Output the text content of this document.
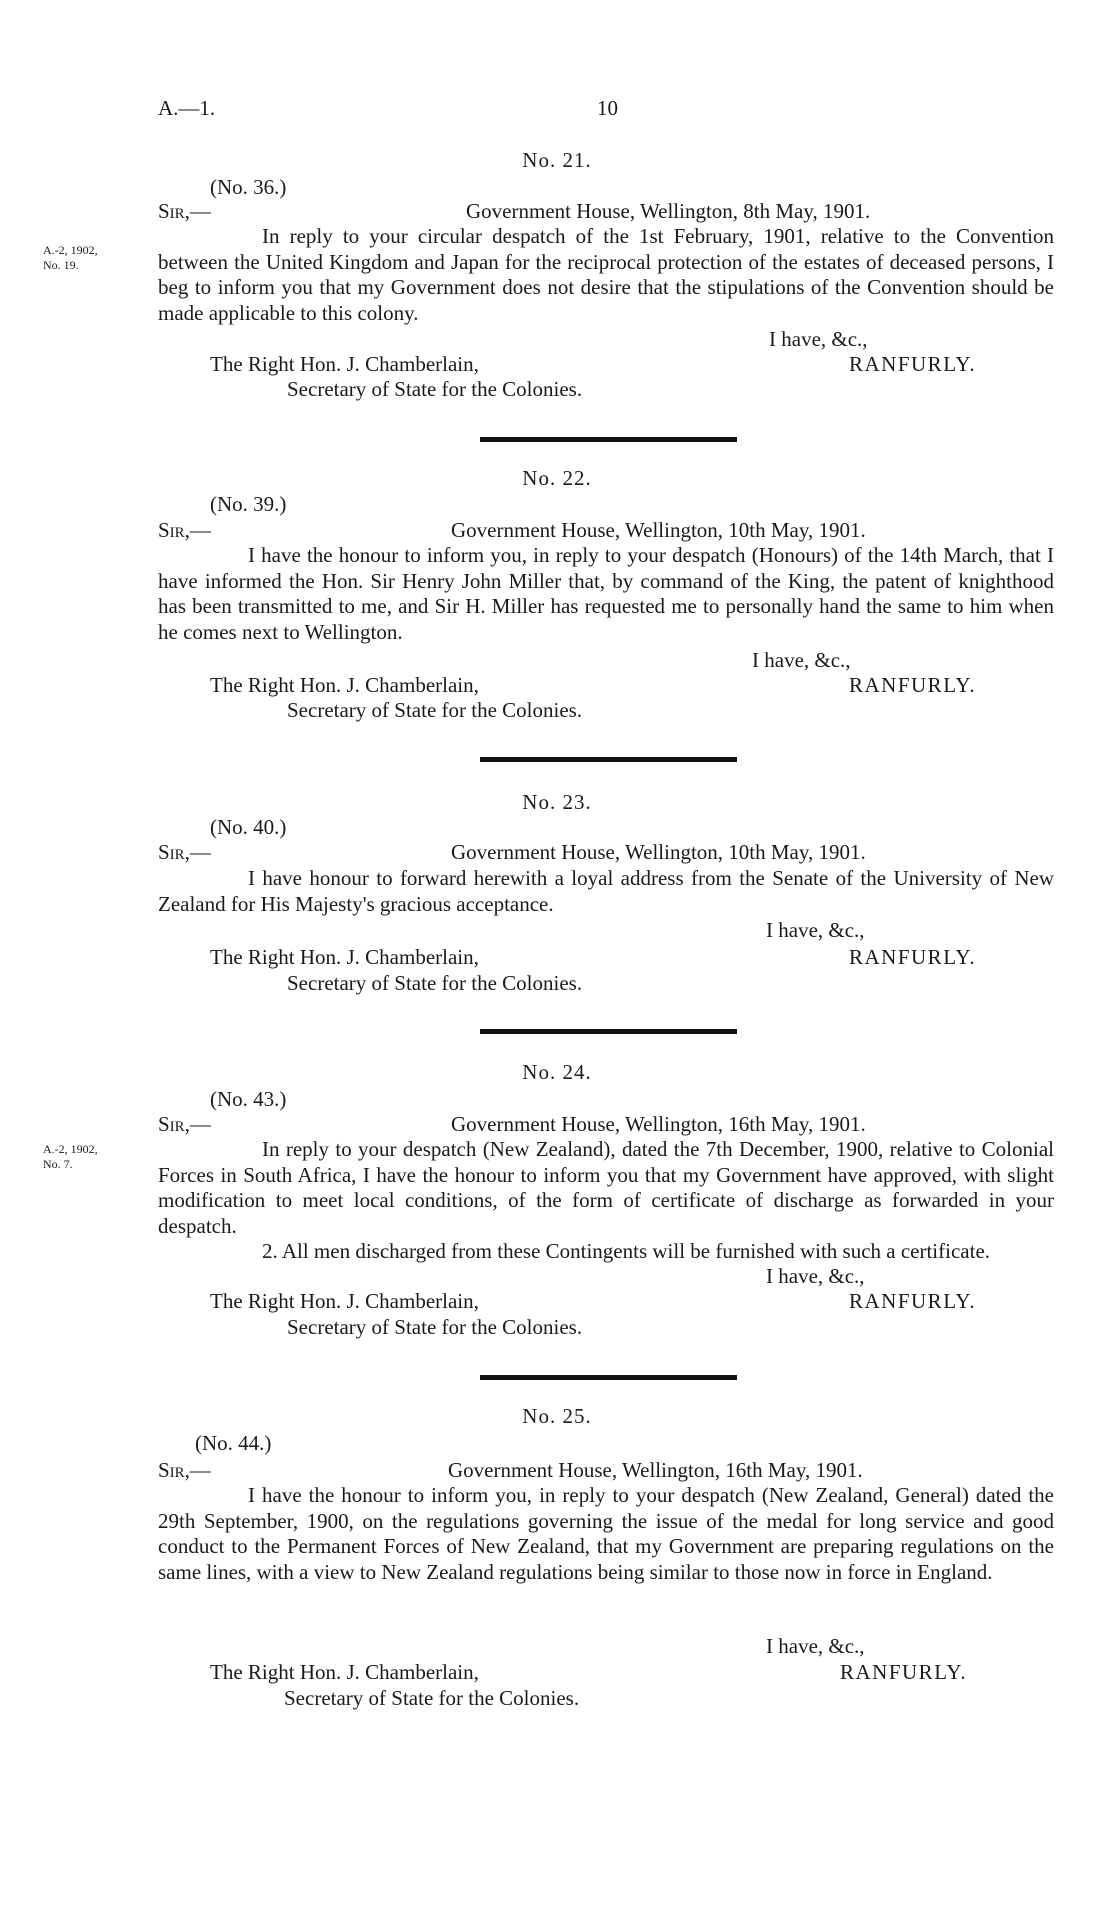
A.—1.	10
No. 21.
(No. 36.)
A.-2, 1902,
No. 19.
Sir,—	Government House, Wellington, 8th May, 1901.

In reply to your circular despatch of the 1st February, 1901, relative to the Convention between the United Kingdom and Japan for the reciprocal protection of the estates of deceased persons, I beg to inform you that my Government does not desire that the stipulations of the Convention should be made applicable to this colony.

I have, &c.,
The Right Hon. J. Chamberlain,	RANFURLY.
Secretary of State for the Colonies.
No. 22.
(No. 39.)
Sir,—	Government House, Wellington, 10th May, 1901.

I have the honour to inform you, in reply to your despatch (Honours) of the 14th March, that I have informed the Hon. Sir Henry John Miller that, by command of the King, the patent of knighthood has been transmitted to me, and Sir H. Miller has requested me to personally hand the same to him when he comes next to Wellington.

I have, &c.,
The Right Hon. J. Chamberlain,	RANFURLY.
Secretary of State for the Colonies.
No. 23.
(No. 40.)
Sir,—	Government House, Wellington, 10th May, 1901.

I have honour to forward herewith a loyal address from the Senate of the University of New Zealand for His Majesty's gracious acceptance.

I have, &c.,
The Right Hon. J. Chamberlain,	RANFURLY.
Secretary of State for the Colonies.
No. 24.
(No. 43.)
A.-2, 1902,
No. 7.
Sir,—	Government House, Wellington, 16th May, 1901.

In reply to your despatch (New Zealand), dated the 7th December, 1900, relative to Colonial Forces in South Africa, I have the honour to inform you that my Government have approved, with slight modification to meet local conditions, of the form of certificate of discharge as forwarded in your despatch.

2. All men discharged from these Contingents will be furnished with such a certificate.

I have, &c.,
The Right Hon. J. Chamberlain,	RANFURLY.
Secretary of State for the Colonies.
No. 25.
(No. 44.)
Sir,—	Government House, Wellington, 16th May, 1901.

I have the honour to inform you, in reply to your despatch (New Zealand, General) dated the 29th September, 1900, on the regulations governing the issue of the medal for long service and good conduct to the Permanent Forces of New Zealand, that my Government are preparing regulations on the same lines, with a view to New Zealand regulations being similar to those now in force in England.

I have, &c.,
The Right Hon. J. Chamberlain,	RANFURLY.
Secretary of State for the Colonies.
